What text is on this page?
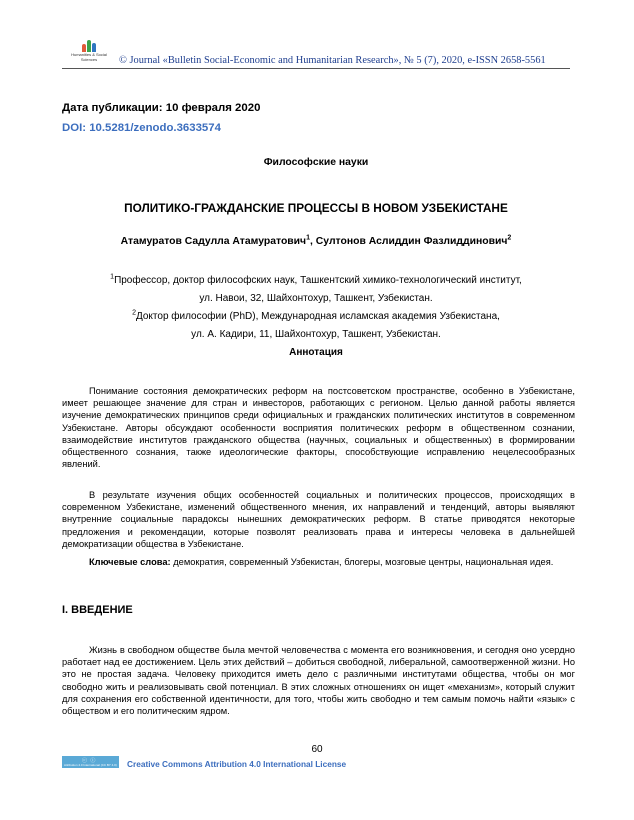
Humanities & Social
Sciences	© Journal «Bulletin Social-Economic and Humanitarian Research», № 5 (7), 2020, e-ISSN 2658-5561
Дата публикации: 10 февраля 2020
DOI: 10.5281/zenodo.3633574
Философские науки
ПОЛИТИКО-ГРАЖДАНСКИЕ ПРОЦЕССЫ В НОВОМ УЗБЕКИСТАНЕ
Атамуратов Садулла Атамуратович$^1$, Султонов Аслиддин Фазлиддинович$^2$
$^1$Профессор, доктор философских наук, Ташкентский химико-технологический институт,
ул. Навои, 32, Шайхонтохур, Ташкент, Узбекистан.
$^2$Доктор философии (PhD), Международная исламская академия Узбекистана,
ул. А. Кадири, 11, Шайхонтохур, Ташкент, Узбекистан.
Аннотация
Понимание состояния демократических реформ на постсоветском пространстве, особенно в Узбекистане, имеет решающее значение для стран и инвесторов, работающих с регионом. Целью данной работы является изучение демократических принципов среди официальных и гражданских политических институтов в современном Узбекистане. Авторы обсуждают особенности восприятия политических реформ в общественном сознании, взаимодействие институтов гражданского общества (научных, социальных и общественных) в формировании общественного сознания, также идеологические факторы, способствующие исправлению нецелесообразных явлений.
В результате изучения общих особенностей социальных и политических процессов, происходящих в современном Узбекистане, изменений общественного мнения, их направлений и тенденций, авторы выявляют внутренние социальные парадоксы нынешних демократических реформ. В статье приводятся некоторые предложения и рекомендации, которые позволят реализовать права и интересы человека в дальнейшей демократизации общества в Узбекистане.
Ключевые слова: демократия, современный Узбекистан, блогеры, мозговые центры, национальная идея.
I. ВВЕДЕНИЕ
Жизнь в свободном обществе была мечтой человечества с момента его возникновения, и сегодня оно усердно работает над ее достижением. Цель этих действий – добиться свободной, либеральной, самоотверженной жизни. Но это не простая задача. Человеку приходится иметь дело с различными институтами общества, чтобы он мог свободно жить и реализовывать свой потенциал. В этих сложных отношениях он ищет «механизм», который служит для сохранения его собственной идентичности, для того, чтобы жить свободно и тем самым помочь найти «язык» с обществом и его политическим ядром.
60
ⓒ ⓘ
Attribution 4.0 International (CC BY 4.0) Creative Commons Attribution 4.0 International License
